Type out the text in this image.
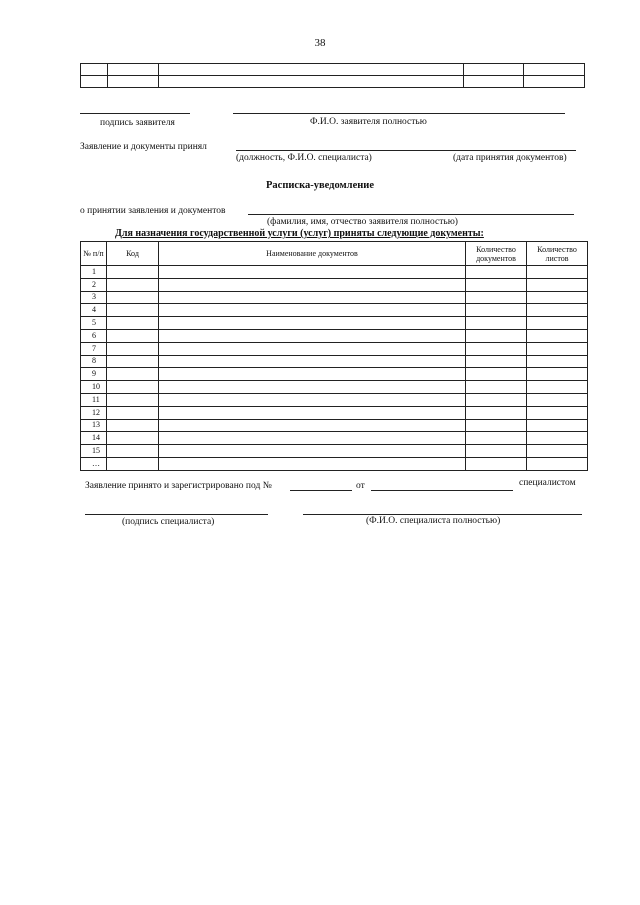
38

подпись заявителя	Ф.И.О. заявителя полностью
Заявление и документы принял
(должность, Ф.И.О. специалиста)	(дата принятия документов)
Расписка-уведомление
о принятии заявления и документов
(фамилия, имя, отчество заявителя полностью)
Для назначения государственной услуги (услуг) приняты следующие документы:
№ п/п	Код	Наименование документов	Количество документов	Количество листов
1				
2				
3				
4				
5				
6				
7				
8				
9				
10				
11				
12				
13				
14				
15				
…				
Заявление принято и зарегистрировано под №	от	специалистом
(подпись специалиста)	(Ф.И.О. специалиста полностью)
